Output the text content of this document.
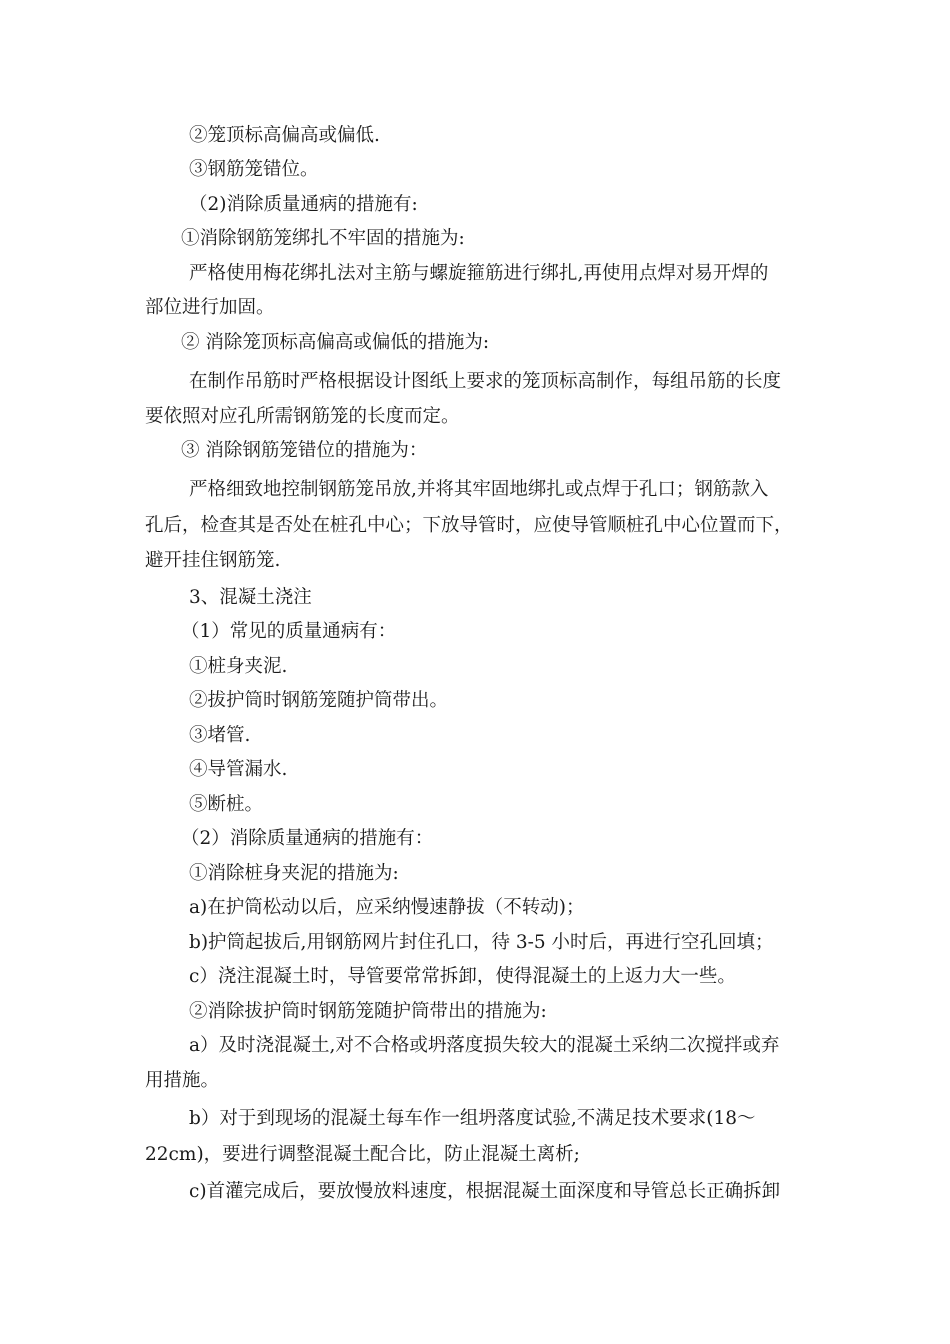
②笼顶标高偏高或偏低.
③钢筋笼错位。
（2)消除质量通病的措施有:
①消除钢筋笼绑扎不牢固的措施为:
严格使用梅花绑扎法对主筋与螺旋箍筋进行绑扎,再使用点焊对易开焊的
部位进行加固。
② 消除笼顶标高偏高或偏低的措施为:
在制作吊筋时严格根据设计图纸上要求的笼顶标高制作，每组吊筋的长度
要依照对应孔所需钢筋笼的长度而定。
③ 消除钢筋笼错位的措施为：
严格细致地控制钢筋笼吊放,并将其牢固地绑扎或点焊于孔口；钢筋款入
孔后，检查其是否处在桩孔中心；下放导管时，应使导管顺桩孔中心位置而下，
避开挂住钢筋笼.
3、混凝土浇注
（1）常见的质量通病有：
①桩身夹泥.
②拔护筒时钢筋笼随护筒带出。
③堵管.
④导管漏水.
⑤断桩。
（2）消除质量通病的措施有：
①消除桩身夹泥的措施为:
a)在护筒松动以后，应采纳慢速静拔（不转动)；
b)护筒起拔后,用钢筋网片封住孔口，待 3-5 小时后，再进行空孔回填；
c）浇注混凝土时，导管要常常拆卸，使得混凝土的上返力大一些。
②消除拔护筒时钢筋笼随护筒带出的措施为:
a）及时浇混凝土,对不合格或坍落度损失较大的混凝土采纳二次搅拌或弃
用措施。
b）对于到现场的混凝土每车作一组坍落度试验,不满足技术要求(18～
22cm)，要进行调整混凝土配合比，防止混凝土离析;
c)首灌完成后，要放慢放料速度，根据混凝土面深度和导管总长正确拆卸
